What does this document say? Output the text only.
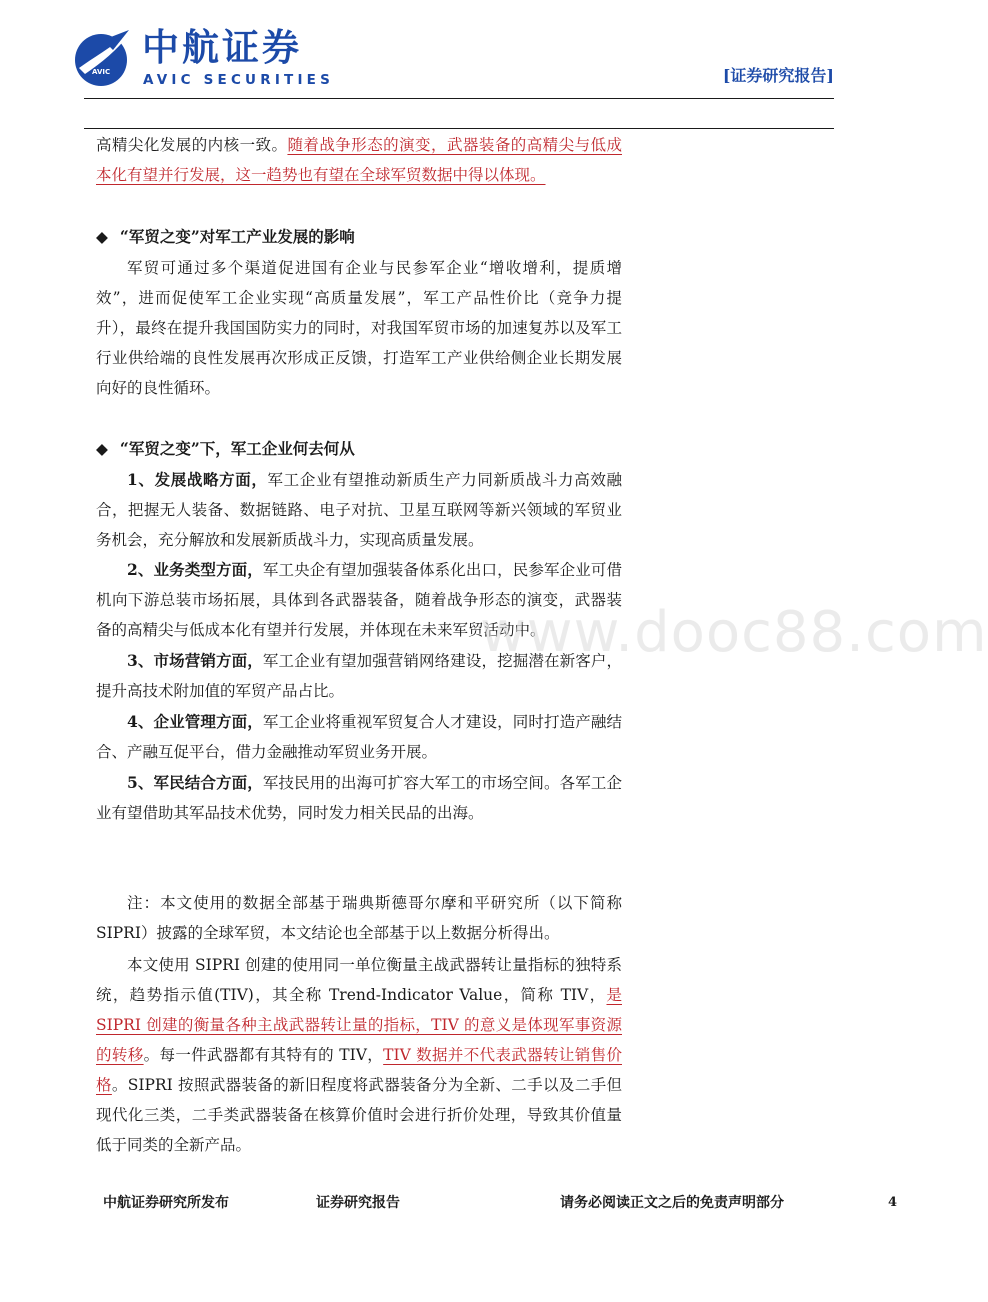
AVIC
中航证券
AVIC SECURITIES	[证券研究报告]
高精尖化发展的内核一致。随着战争形态的演变，武器装备的高精尖与低成本化有望并行发展，这一趋势也有望在全球军贸数据中得以体现。
◆ “军贸之变”对军工产业发展的影响
军贸可通过多个渠道促进国有企业与民参军企业“增收增利，提质增效”，进而促使军工企业实现“高质量发展”，军工产品性价比（竞争力提升），最终在提升我国国防实力的同时，对我国军贸市场的加速复苏以及军工行业供给端的良性发展再次形成正反馈，打造军工产业供给侧企业长期发展向好的良性循环。
◆ “军贸之变”下，军工企业何去何从
1、发展战略方面，军工企业有望推动新质生产力同新质战斗力高效融合，把握无人装备、数据链路、电子对抗、卫星互联网等新兴领域的军贸业务机会，充分解放和发展新质战斗力，实现高质量发展。
2、业务类型方面，军工央企有望加强装备体系化出口，民参军企业可借机向下游总装市场拓展，具体到各武器装备，随着战争形态的演变，武器装备的高精尖与低成本化有望并行发展，并体现在未来军贸活动中。
3、市场营销方面，军工企业有望加强营销网络建设，挖掘潜在新客户，提升高技术附加值的军贸产品占比。
4、企业管理方面，军工企业将重视军贸复合人才建设，同时打造产融结合、产融互促平台，借力金融推动军贸业务开展。
5、军民结合方面，军技民用的出海可扩容大军工的市场空间。各军工企业有望借助其军品技术优势，同时发力相关民品的出海。
注：本文使用的数据全部基于瑞典斯德哥尔摩和平研究所（以下简称 SIPRI）披露的全球军贸，本文结论也全部基于以上数据分析得出。
本文使用 SIPRI 创建的使用同一单位衡量主战武器转让量指标的独特系统，趋势指示值(TIV)，其全称 Trend-Indicator Value，简称 TIV，是 SIPRI 创建的衡量各种主战武器转让量的指标，TIV 的意义是体现军事资源的转移。每一件武器都有其特有的 TIV，TIV 数据并不代表武器转让销售价格。SIPRI 按照武器装备的新旧程度将武器装备分为全新、二手以及二手但现代化三类，二手类武器装备在核算价值时会进行折价处理，导致其价值量低于同类的全新产品。
www.dooc88.com
中航证券研究所发布	证券研究报告	请务必阅读正文之后的免责声明部分	4
